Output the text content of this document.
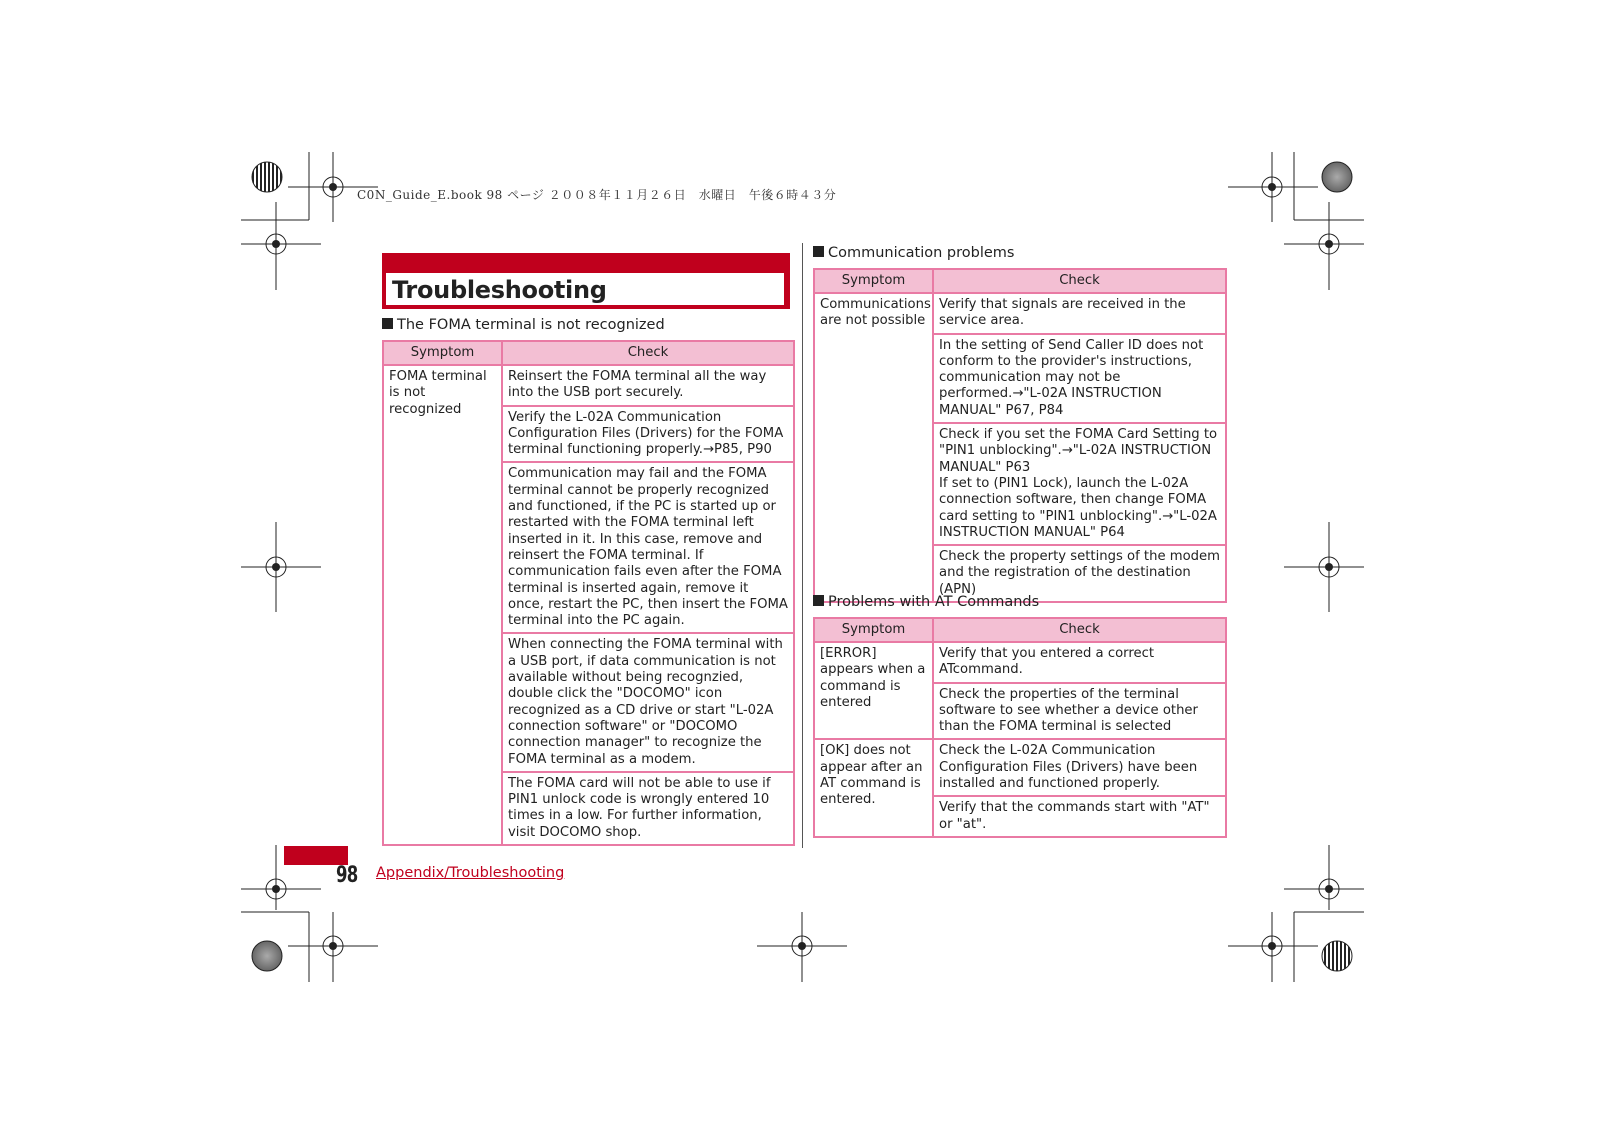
C0N_Guide_E.book 98 ページ ２００８年１１月２６日　水曜日　午後６時４３分
Troubleshooting
The FOMA terminal is not recognized
Symptom	Check
FOMA terminal is not recognized	Reinsert the FOMA terminal all the way into the USB port securely.
	Verify the L-02A Communication Configuration Files (Drivers) for the FOMA terminal functioning properly.→P85, P90
	Communication may fail and the FOMA terminal cannot be properly recognized and functioned, if the PC is started up or restarted with the FOMA terminal left inserted in it. In this case, remove and reinsert the FOMA terminal. If communication fails even after the FOMA terminal is inserted again, remove it once, restart the PC, then insert the FOMA terminal into the PC again.
	When connecting the FOMA terminal with a USB port, if data communication is not available without being recognzied, double click the "DOCOMO" icon recognized as a CD drive or start "L-02A connection software" or "DOCOMO connection manager" to recognize the FOMA terminal as a modem.
	The FOMA card will not be able to use if PIN1 unlock code is wrongly entered 10 times in a low. For further information, visit DOCOMO shop.
Communication problems
Symptom	Check
Communications are not possible	Verify that signals are received in the service area.
	In the setting of Send Caller ID does not conform to the provider's instructions, communication may not be performed.→"L-02A INSTRUCTION MANUAL" P67, P84
	Check if you set the FOMA Card Setting to "PIN1 unblocking".→"L-02A INSTRUCTION MANUAL" P63
If set to (PIN1 Lock), launch the L-02A connection software, then change FOMA card setting to "PIN1 unblocking".→"L-02A INSTRUCTION MANUAL" P64
	Check the property settings of the modem and the registration of the destination (APN)
Problems with AT Commands
Symptom	Check
[ERROR] appears when a command is entered	Verify that you entered a correct ATcommand.
	Check the properties of the terminal software to see whether a device other than the FOMA terminal is selected
[OK] does not appear after an AT command is entered.	Check the L-02A Communication Configuration Files (Drivers) have been installed and functioned properly.
	Verify that the commands start with "AT" or "at".
98 Appendix/Troubleshooting
